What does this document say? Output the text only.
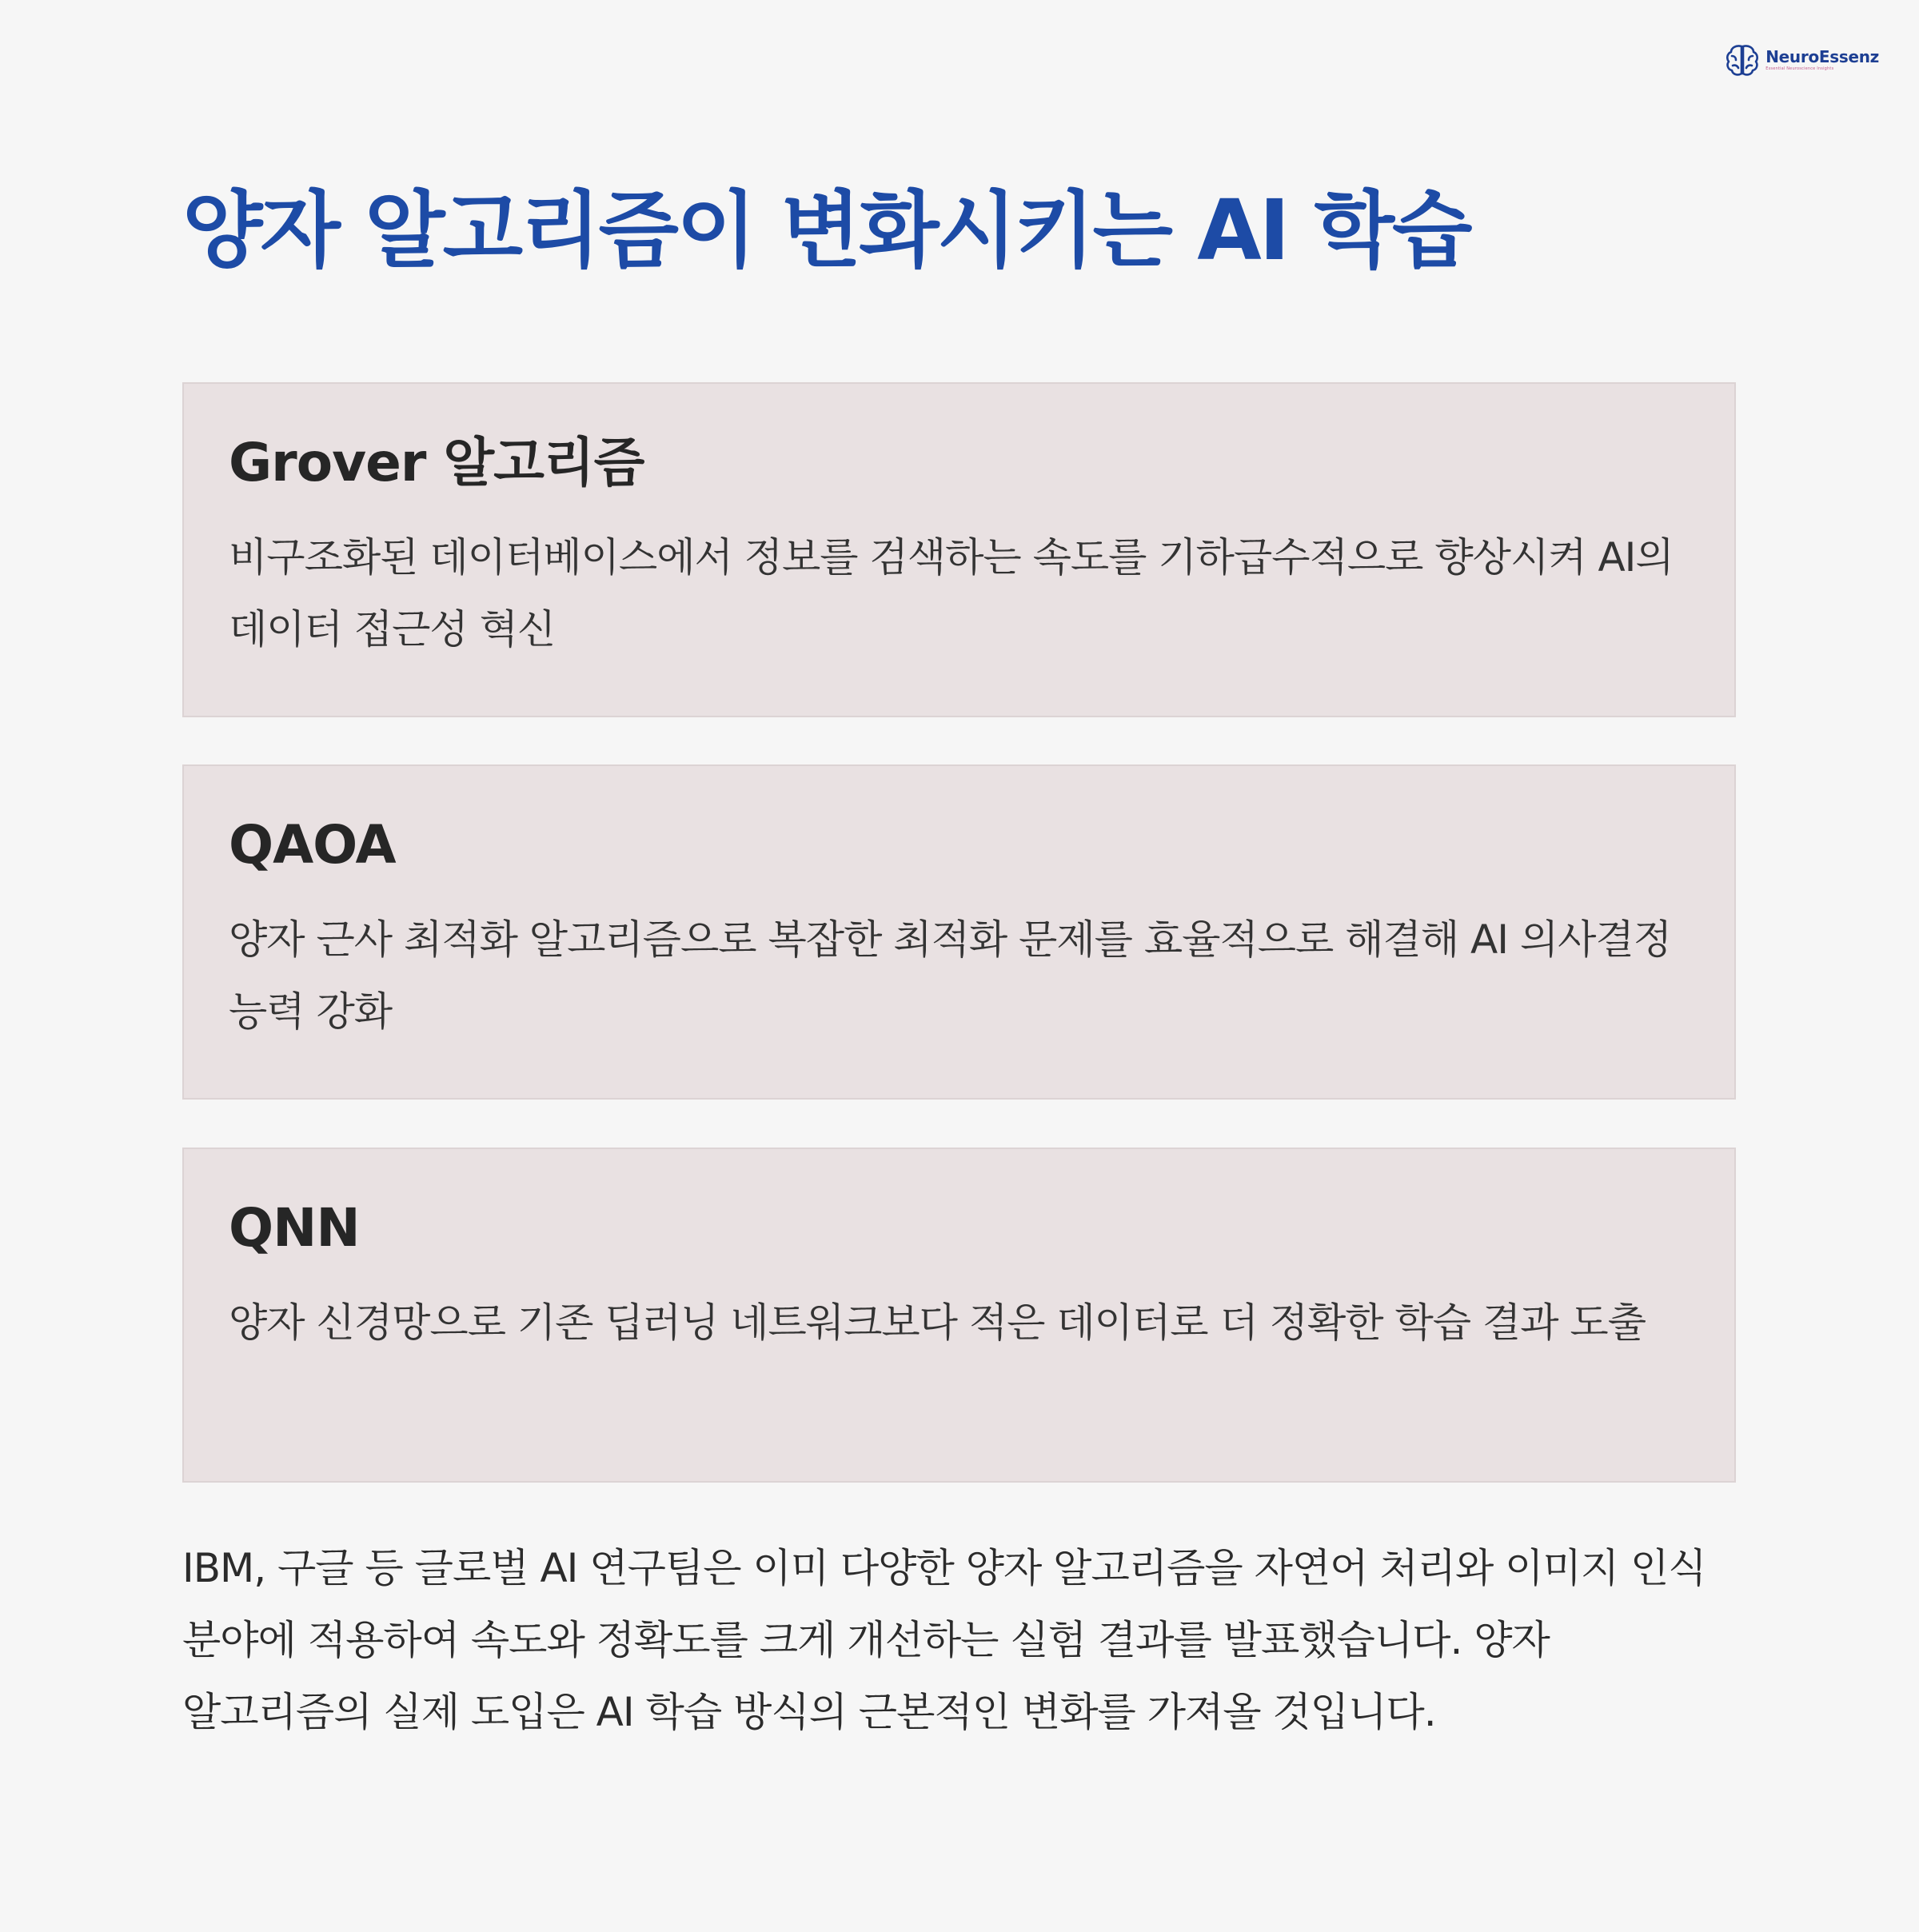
NeuroEssenz
Essential Neuroscience Insights
양자 알고리즘이 변화시키는 AI 학습
Grover 알고리즘

비구조화된 데이터베이스에서 정보를 검색하는 속도를 기하급수적으로 향상시켜 AI의 데이터 접근성 혁신

QAOA

양자 근사 최적화 알고리즘으로 복잡한 최적화 문제를 효율적으로 해결해 AI 의사결정 능력 강화

QNN

양자 신경망으로 기존 딥러닝 네트워크보다 적은 데이터로 더 정확한 학습 결과 도출

IBM, 구글 등 글로벌 AI 연구팀은 이미 다양한 양자 알고리즘을 자연어 처리와 이미지 인식 분야에 적용하여 속도와 정확도를 크게 개선하는 실험 결과를 발표했습니다. 양자 알고리즘의 실제 도입은 AI 학습 방식의 근본적인 변화를 가져올 것입니다.
